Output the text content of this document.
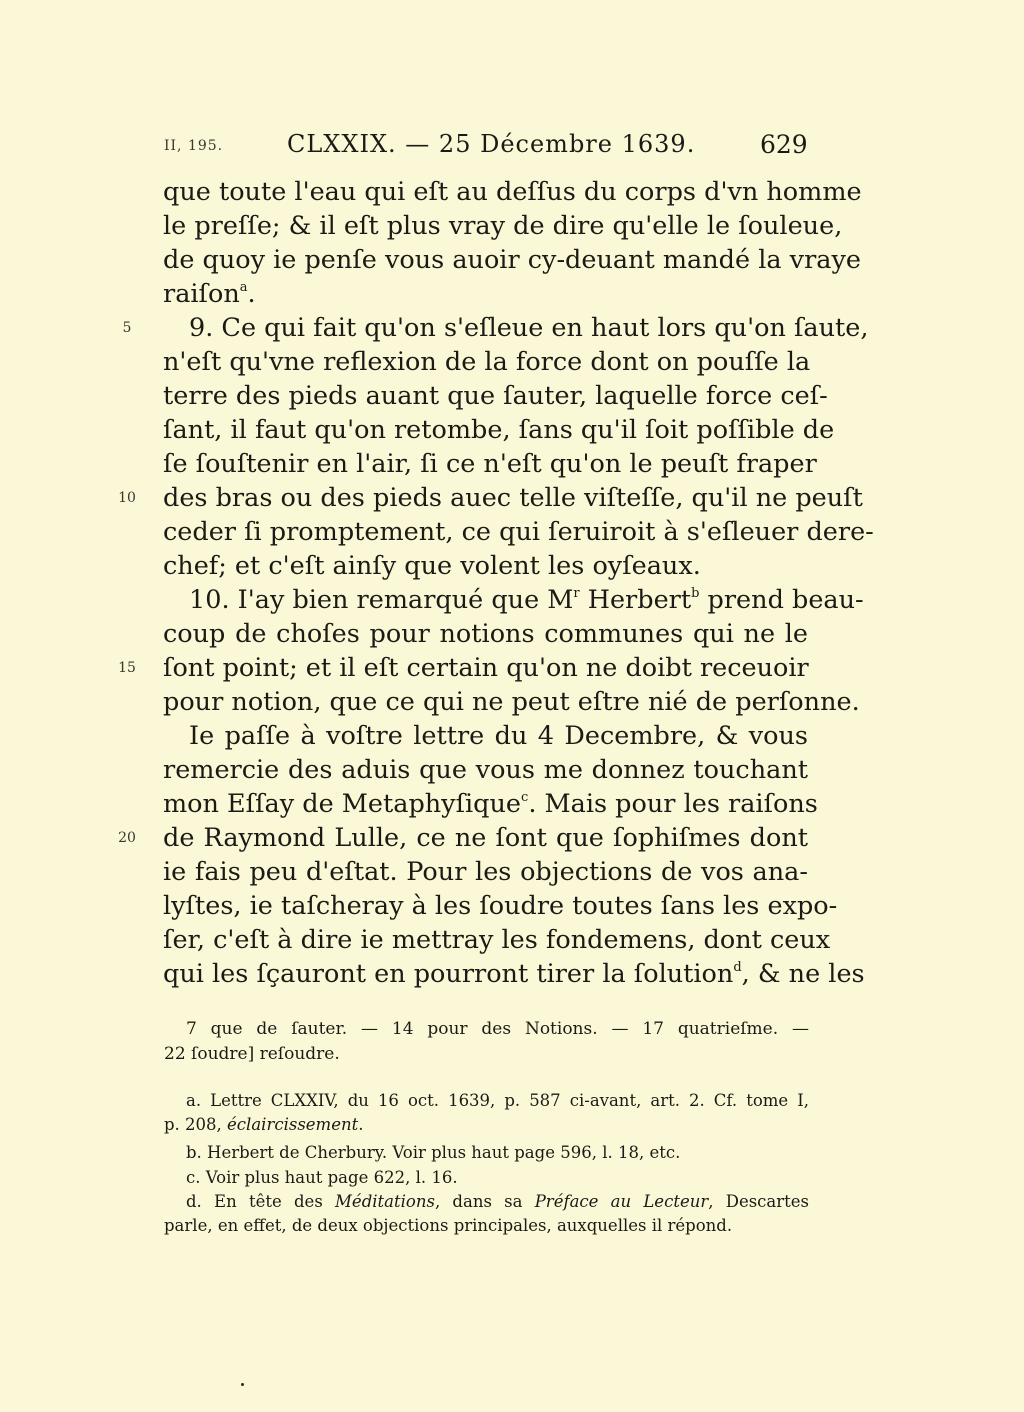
II, 195.	CLXXIX. — 25 Décembre 1639.	629
que toute l'eau qui eſt au deſſus du corps d'vn homme
le preſſe; & il eſt plus vray de dire qu'elle le ſouleue,
de quoy ie penſe vous auoir cy-deuant mandé la vraye
raiſon$^a$.
5 9. Ce qui fait qu'on s'eſleue en haut lors qu'on ſaute,
n'eſt qu'vne reflexion de la force dont on pouſſe la
terre des pieds auant que ſauter, laquelle force ceſ-
ſant, il faut qu'on retombe, ſans qu'il ſoit poſſible de
ſe ſouſtenir en l'air, ſi ce n'eſt qu'on le peuſt fraper
10 des bras ou des pieds auec telle viſteſſe, qu'il ne peuſt
ceder ſi promptement, ce qui ſeruiroit à s'eſleuer dere-
chef; et c'eſt ainſy que volent les oyſeaux.
10. I'ay bien remarqué que $M^r$ Herbert$^b$ prend beau-
coup de choſes pour notions communes qui ne le
15 ſont point; et il eſt certain qu'on ne doibt receuoir
pour notion, que ce qui ne peut eſtre nié de perſonne.
Ie paſſe à voſtre lettre du 4 Decembre, & vous
remercie des aduis que vous me donnez touchant
mon Eſſay de Metaphyſique$^c$. Mais pour les raiſons
20 de Raymond Lulle, ce ne ſont que ſophiſmes dont
ie fais peu d'eſtat. Pour les objections de vos ana-
lyſtes, ie taſcheray à les ſoudre toutes ſans les expo-
ſer, c'eſt à dire ie mettray les fondemens, dont ceux
qui les ſçauront en pourront tirer la ſolution$^d$, & ne les
7 que de ſauter. — 14 pour des Notions. — 17 quatrieſme. —
22 ſoudre] reſoudre.
a. Lettre CLXXIV, du 16 oct. 1639, p. 587 ci-avant, art. 2. Cf. tome I,
p. 208, éclaircissement.
b. Herbert de Cherbury. Voir plus haut page 596, l. 18, etc.
c. Voir plus haut page 622, l. 16.
d. En tête des Méditations, dans sa Préface au Lecteur, Descartes
parle, en effet, de deux objections principales, auxquelles il répond.
